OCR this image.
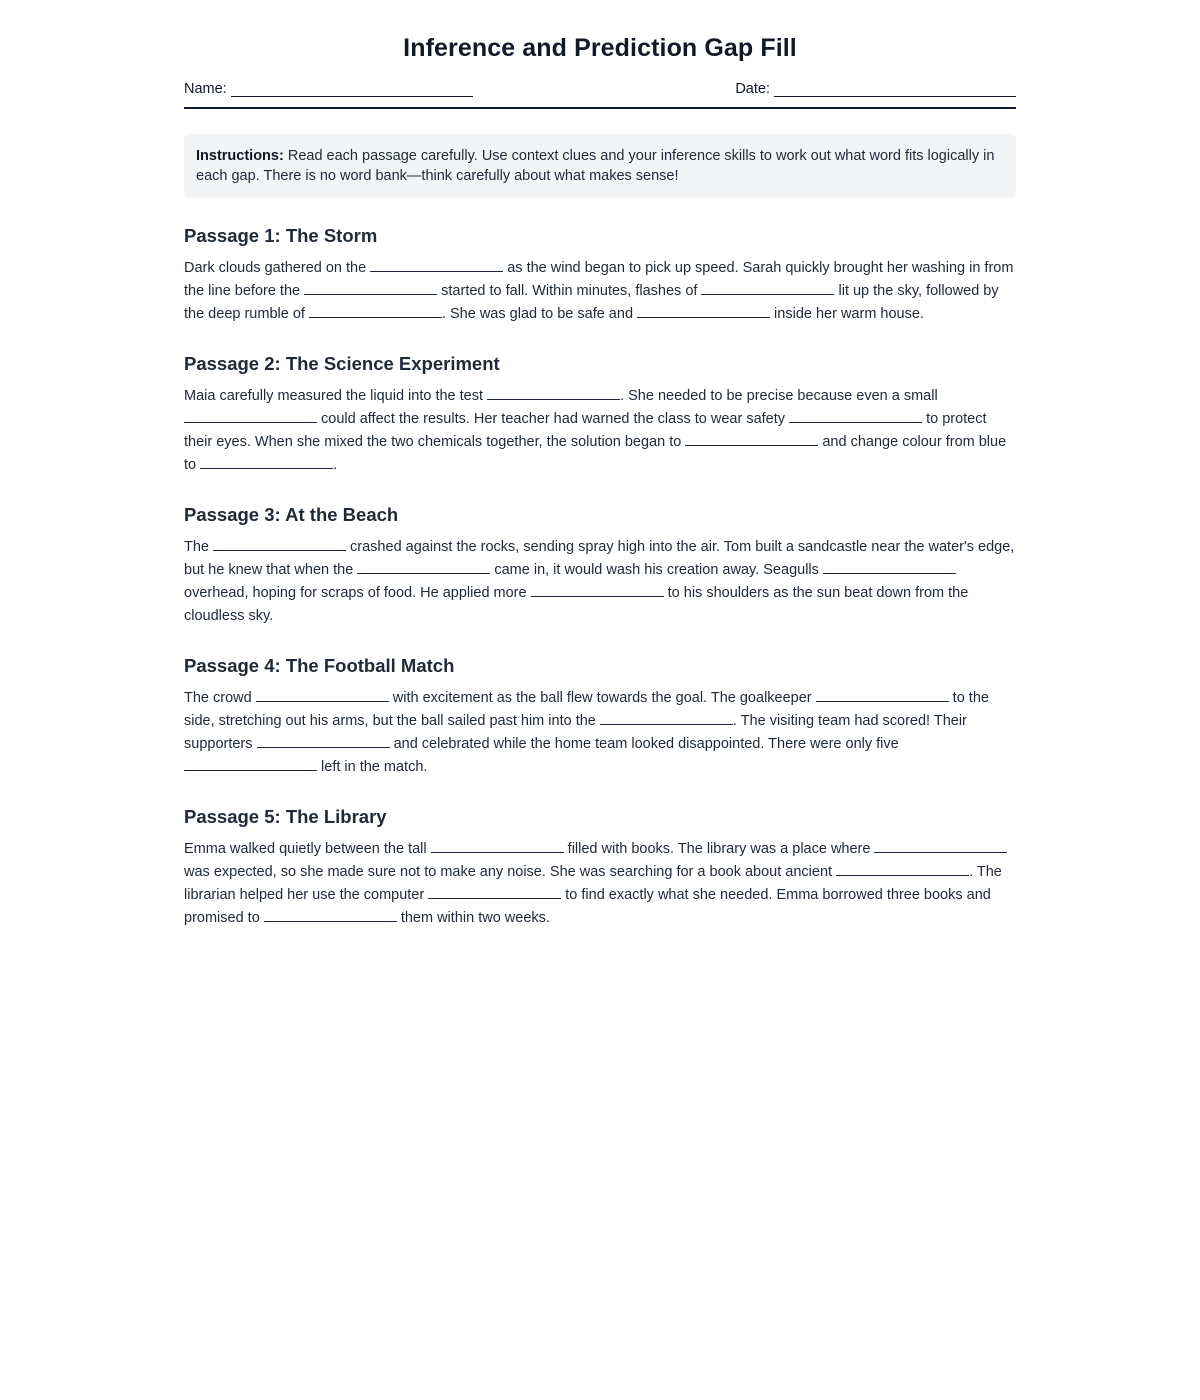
Inference and Prediction Gap Fill
Name:	Date:
Instructions: Read each passage carefully. Use context clues and your inference skills to work out what word fits logically in each gap. There is no word bank—think carefully about what makes sense!
Passage 1: The Storm

Dark clouds gathered on the	as the wind began to pick up speed. Sarah quickly brought her washing in from the line before the	started to fall. Within minutes, flashes of	lit up the sky, followed by the deep rumble of	. She was glad to be safe and	inside her warm house.

Passage 2: The Science Experiment

Maia carefully measured the liquid into the test	. She needed to be precise because even a small  could affect the results. Her teacher had warned the class to wear safety	to protect their eyes. When she mixed the two chemicals together, the solution began to	and change colour from blue to	.

Passage 3: At the Beach

The	crashed against the rocks, sending spray high into the air. Tom built a sandcastle near the water's edge, but he knew that when the	came in, it would wash his creation away. Seagulls  overhead, hoping for scraps of food. He applied more	to his shoulders as the sun beat down from the cloudless sky.

Passage 4: The Football Match

The crowd	with excitement as the ball flew towards the goal. The goalkeeper	to the side, stretching out his arms, but the ball sailed past him into the	. The visiting team had scored! Their supporters	and celebrated while the home team looked disappointed. There were only five  left in the match.

Passage 5: The Library

Emma walked quietly between the tall	filled with books. The library was a place where  was expected, so she made sure not to make any noise. She was searching for a book about ancient	. The librarian helped her use the computer	to find exactly what she needed. Emma borrowed three books and promised to	them within two weeks.
